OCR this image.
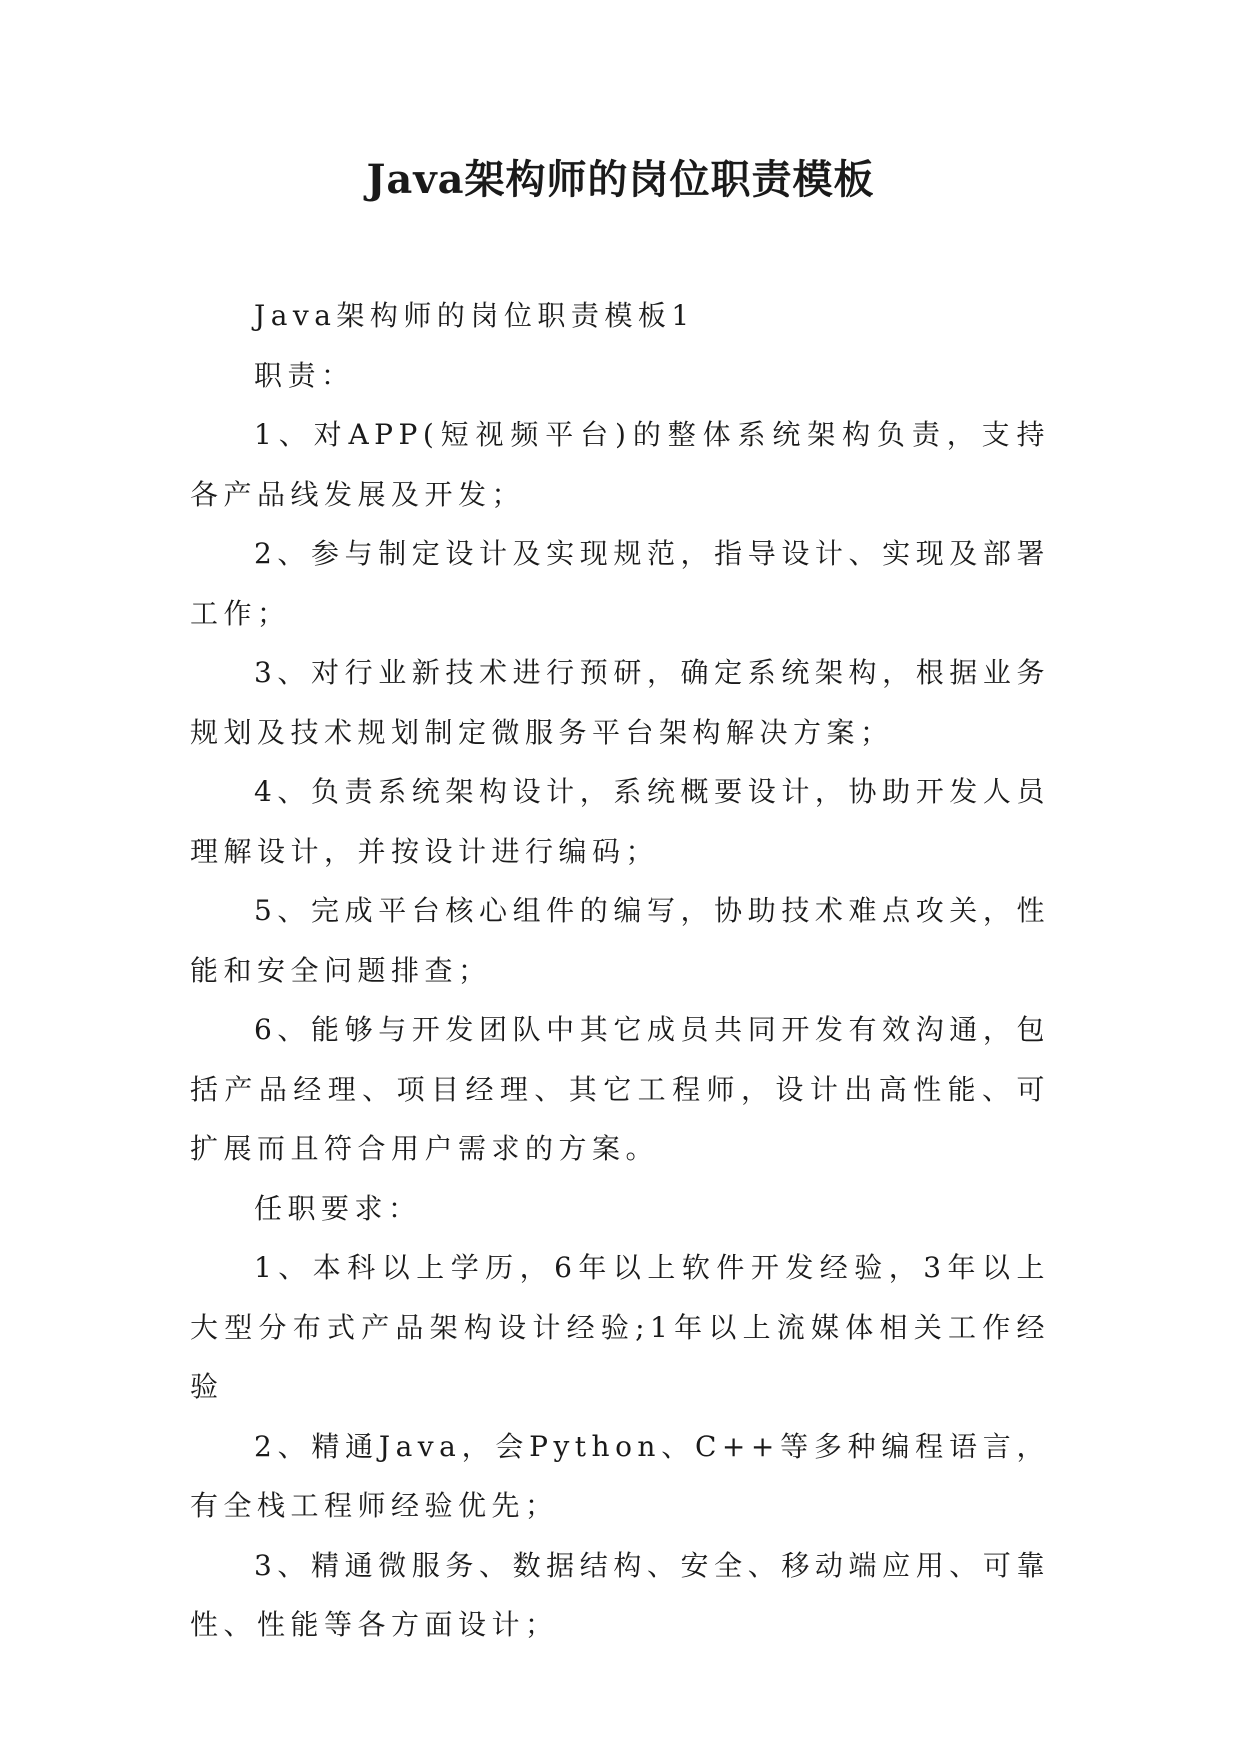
Java架构师的岗位职责模板

Java架构师的岗位职责模板1

职责：

1、对APP(短视频平台)的整体系统架构负责，支持各产品线发展及开发；

2、参与制定设计及实现规范，指导设计、实现及部署工作；

3、对行业新技术进行预研，确定系统架构，根据业务规划及技术规划制定微服务平台架构解决方案；

4、负责系统架构设计，系统概要设计，协助开发人员理解设计，并按设计进行编码；

5、完成平台核心组件的编写，协助技术难点攻关，性能和安全问题排查；

6、能够与开发团队中其它成员共同开发有效沟通，包括产品经理、项目经理、其它工程师，设计出高性能、可扩展而且符合用户需求的方案。

任职要求：

1、本科以上学历，6年以上软件开发经验，3年以上大型分布式产品架构设计经验;1年以上流媒体相关工作经验

2、精通Java，会Python、C++等多种编程语言，有全栈工程师经验优先；

3、精通微服务、数据结构、安全、移动端应用、可靠性、性能等各方面设计；
